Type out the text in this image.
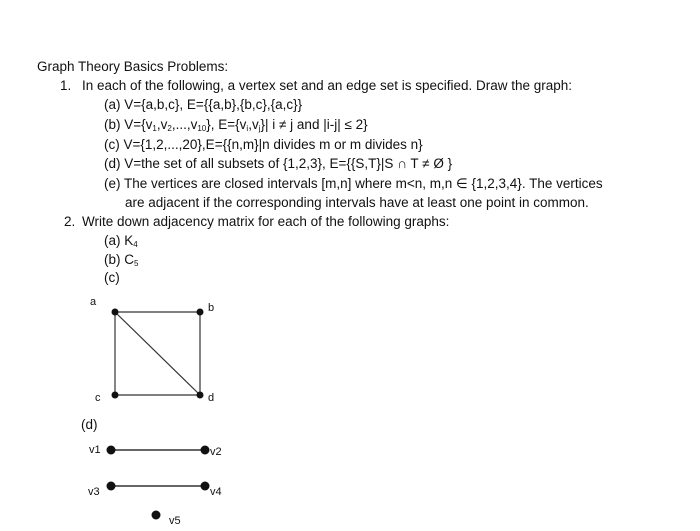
Graph Theory Basics Problems:
1. In each of the following, a vertex set and an edge set is specified. Draw the graph:
(a) V={a,b,c}, E={{a,b},{b,c},{a,c}}
(b) $V=\{v_1,v_2,...,v_{10}\}$, $E=\{v_i,v_j\}|$ i ≠ j and |i-j| ≤ 2}
(c) V={1,2,...,20},E={{n,m}|n divides m or m divides n}
(d) V=the set of all subsets of {1,2,3}, E={{S,T}|S ∩ T ≠ Ø }
(e) The vertices are closed intervals [m,n] where m<n, m,n ∈ {1,2,3,4}. The vertices
are adjacent if the corresponding intervals have at least one point in common.
2. Write down adjacency matrix for each of the following graphs:
(a) $K_4$
(b) $C_5$
(c)
a	b
c	d
(d)
v1	v2
v3	v4
v5
